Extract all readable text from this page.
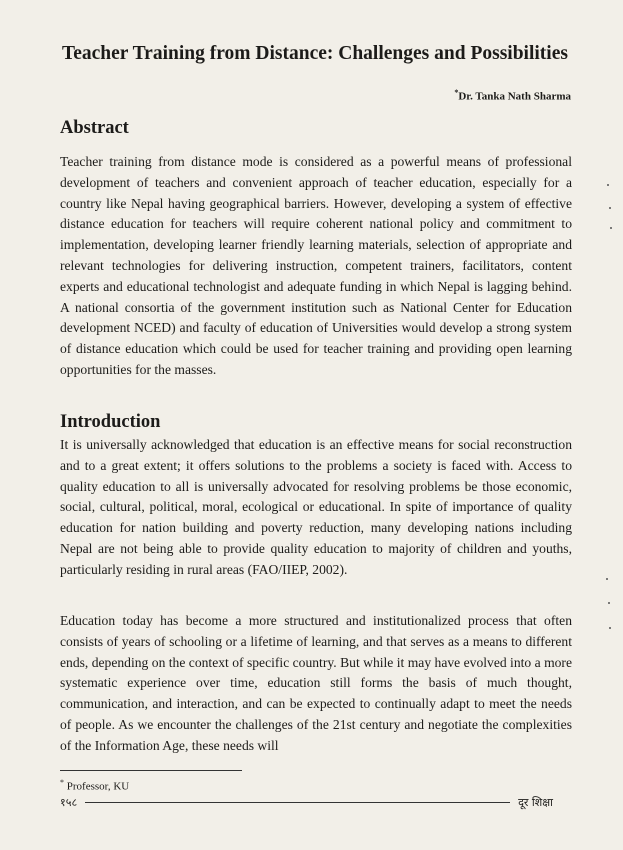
Teacher Training from Distance: Challenges and Possibilities
*Dr. Tanka Nath Sharma
Abstract

Teacher training from distance mode is considered as a powerful means of professional development of teachers and convenient approach of teacher education, especially for a country like Nepal having geographical barriers. However, developing a system of effective distance education for teachers will require coherent national policy and commitment to implementation, developing learner friendly learning materials, selection of appropriate and relevant technologies for delivering instruction, competent trainers, facilitators, content experts and educational technologist and adequate funding in which Nepal is lagging behind. A national consortia of the government institution such as National Center for Education development NCED) and faculty of education of Universities would develop a strong system of distance education which could be used for teacher training and providing open learning opportunities for the masses.

Introduction

It is universally acknowledged that education is an effective means for social reconstruction and to a great extent; it offers solutions to the problems a society is faced with. Access to quality education to all is universally advocated for resolving problems be those economic, social, cultural, political, moral, ecological or educational. In spite of importance of quality education for nation building and poverty reduction, many developing nations including Nepal are not being able to provide quality education to majority of children and youths, particularly residing in rural areas (FAO/IIEP, 2002).

Education today has become a more structured and institutionalized process that often consists of years of schooling or a lifetime of learning, and that serves as a means to different ends, depending on the context of specific country. But while it may have evolved into a more systematic experience over time, education still forms the basis of much thought, communication, and interaction, and can be expected to continually adapt to meet the needs of people. As we encounter the challenges of the 21st century and negotiate the complexities of the Information Age, these needs will

* Professor, KU
१५८	दूर शिक्षा
